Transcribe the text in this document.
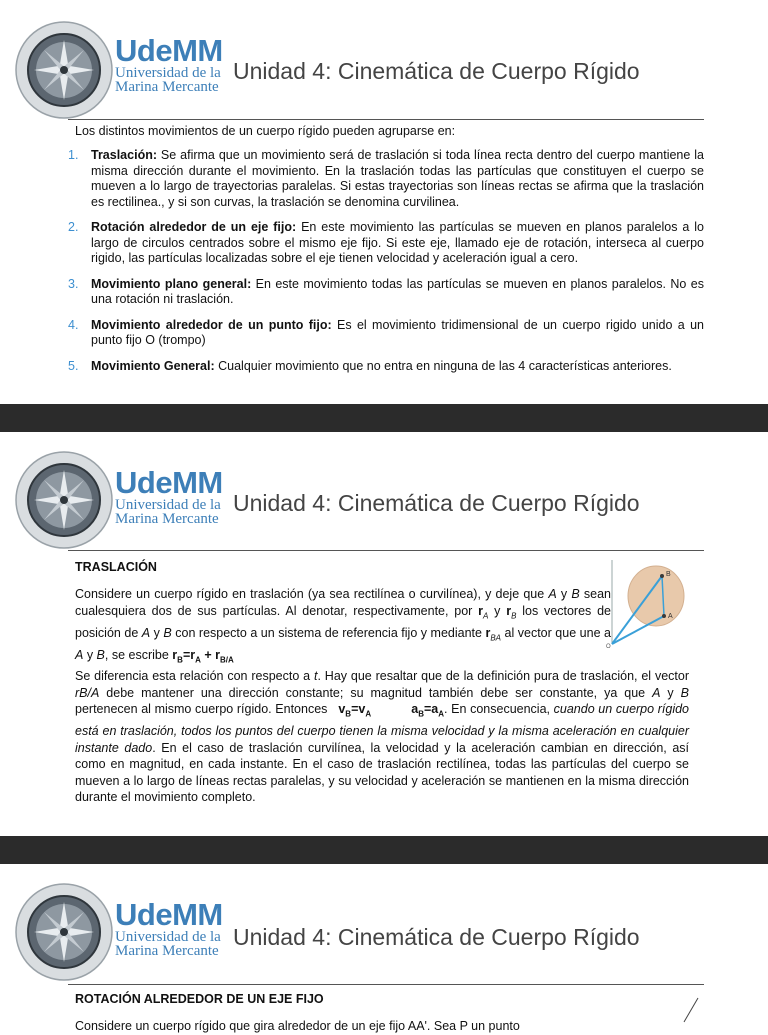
UdeMM
Universidad de la
Marina Mercante
Unidad 4: Cinemática de Cuerpo Rígido
Los distintos movimientos de un cuerpo rígido pueden agruparse en:
1. Traslación: Se afirma que un movimiento será de traslación si toda línea recta dentro del cuerpo mantiene la misma dirección durante el movimiento. En la traslación todas las partículas que constituyen el cuerpo se mueven a lo largo de trayectorias paralelas. Si estas trayectorias son líneas rectas se afirma que la traslación es rectilinea., y si son curvas, la traslación se denomina curvilinea.
2. Rotación alrededor de un eje fijo: En este movimiento las partículas se mueven en planos paralelos a lo largo de circulos centrados sobre el mismo eje fijo. Si este eje, llamado eje de rotación, interseca al cuerpo rigido, las partículas localizadas sobre el eje tienen velocidad y aceleración igual a cero.
3. Movimiento plano general: En este movimiento todas las partículas se mueven en planos paralelos. No es una rotación ni traslación.
4. Movimiento alrededor de un punto fijo: Es el movimiento tridimensional de un cuerpo rigido unido a un punto fijo O (trompo)
5. Movimiento General: Cualquier movimiento que no entra en ninguna de las 4 características anteriores.
UdeMM
Universidad de la
Marina Mercante
Unidad 4: Cinemática de Cuerpo Rígido
TRASLACIÓN
Considere un cuerpo rígido en traslación (ya sea rectilínea o curvilínea), y deje que A y B sean cualesquiera dos de sus partículas. Al denotar, respectivamente, por $r_A$ y $r_B$ los vectores de posición de A y B con respecto a un sistema de referencia fijo y mediante $r_{BA}$ al vector que une a A y B, se escribe $r_B=r_A + r_{B/A}$
B
A
O
Se diferencia esta relación con respecto a t. Hay que resaltar que de la definición pura de traslación, el vector rB/A debe mantener una dirección constante; su magnitud también debe ser constante, ya que A y B pertenecen al mismo cuerpo rígido. Entonces   $v_B=v_A$	$a_B=a_A$. En consecuencia, cuando un cuerpo rígido está en traslación, todos los puntos del cuerpo tienen la misma velocidad y la misma aceleración en cualquier instante dado. En el caso de traslación curvilínea, la velocidad y la aceleración cambian en dirección, así como en magnitud, en cada instante. En el caso de traslación rectilínea, todas las partículas del cuerpo se mueven a lo largo de líneas rectas paralelas, y su velocidad y aceleración se mantienen en la misma dirección durante el movimiento completo.
UdeMM
Universidad de la
Marina Mercante
Unidad 4: Cinemática de Cuerpo Rígido
ROTACIÓN ALREDEDOR DE UN EJE FIJO
Considere un cuerpo rígido que gira alrededor de un eje fijo AA'. Sea P un punto
